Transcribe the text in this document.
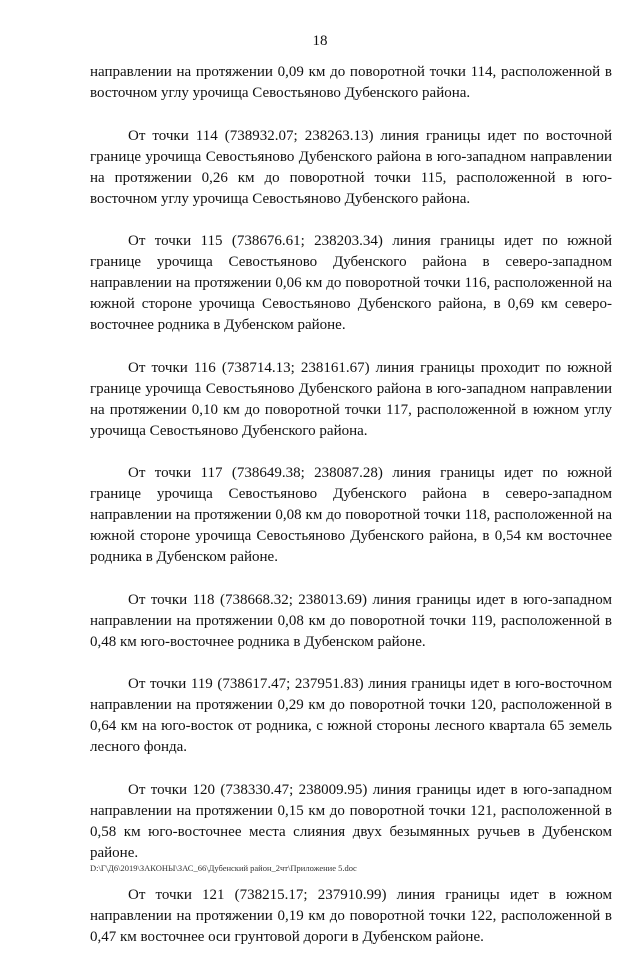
18

направлении на протяжении 0,09 км до поворотной точки 114, расположенной в восточном углу урочища Севостьяново Дубенского района.

От точки 114 (738932.07; 238263.13) линия границы идет по восточной границе урочища Севостьяново Дубенского района в юго-западном направлении на протяжении 0,26 км до поворотной точки 115, расположенной в юго-восточном углу урочища Севостьяново Дубенского района.

От точки 115 (738676.61; 238203.34) линия границы идет по южной границе урочища Севостьяново Дубенского района в северо-западном направлении на протяжении 0,06 км до поворотной точки 116, расположенной на южной стороне урочища Севостьяново Дубенского района, в 0,69 км северо-восточнее родника в Дубенском районе.

От точки 116 (738714.13; 238161.67) линия границы проходит по южной границе урочища Севостьяново Дубенского района в юго-западном направлении на протяжении 0,10 км до поворотной точки 117, расположенной в южном углу урочища Севостьяново Дубенского района.

От точки 117 (738649.38; 238087.28) линия границы идет по южной границе урочища Севостьяново Дубенского района в северо-западном направлении на протяжении 0,08 км до поворотной точки 118, расположенной на южной стороне урочища Севостьяново Дубенского района, в 0,54 км восточнее родника в Дубенском районе.

От точки 118 (738668.32; 238013.69) линия границы идет в юго-западном направлении на протяжении 0,08 км до поворотной точки 119, расположенной в 0,48 км юго-восточнее родника в Дубенском районе.

От точки 119 (738617.47; 237951.83) линия границы идет в юго-восточном направлении на протяжении 0,29 км до поворотной точки 120, расположенной в 0,64 км на юго-восток от родника, с южной стороны лесного квартала 65 земель лесного фонда.

От точки 120 (738330.47; 238009.95) линия границы идет в юго-западном направлении на протяжении 0,15 км до поворотной точки 121, расположенной в 0,58 км юго-восточнее места слияния двух безымянных ручьев в Дубенском районе.

От точки 121 (738215.17; 237910.99) линия границы идет в южном направлении на протяжении 0,19 км до поворотной точки 122, расположенной в 0,47 км восточнее оси грунтовой дороги в Дубенском районе.

D:\Г\Д6\2019\ЗАКОНЫ\ЗАС_66\Дубенский район_2чт\Приложение 5.doc
